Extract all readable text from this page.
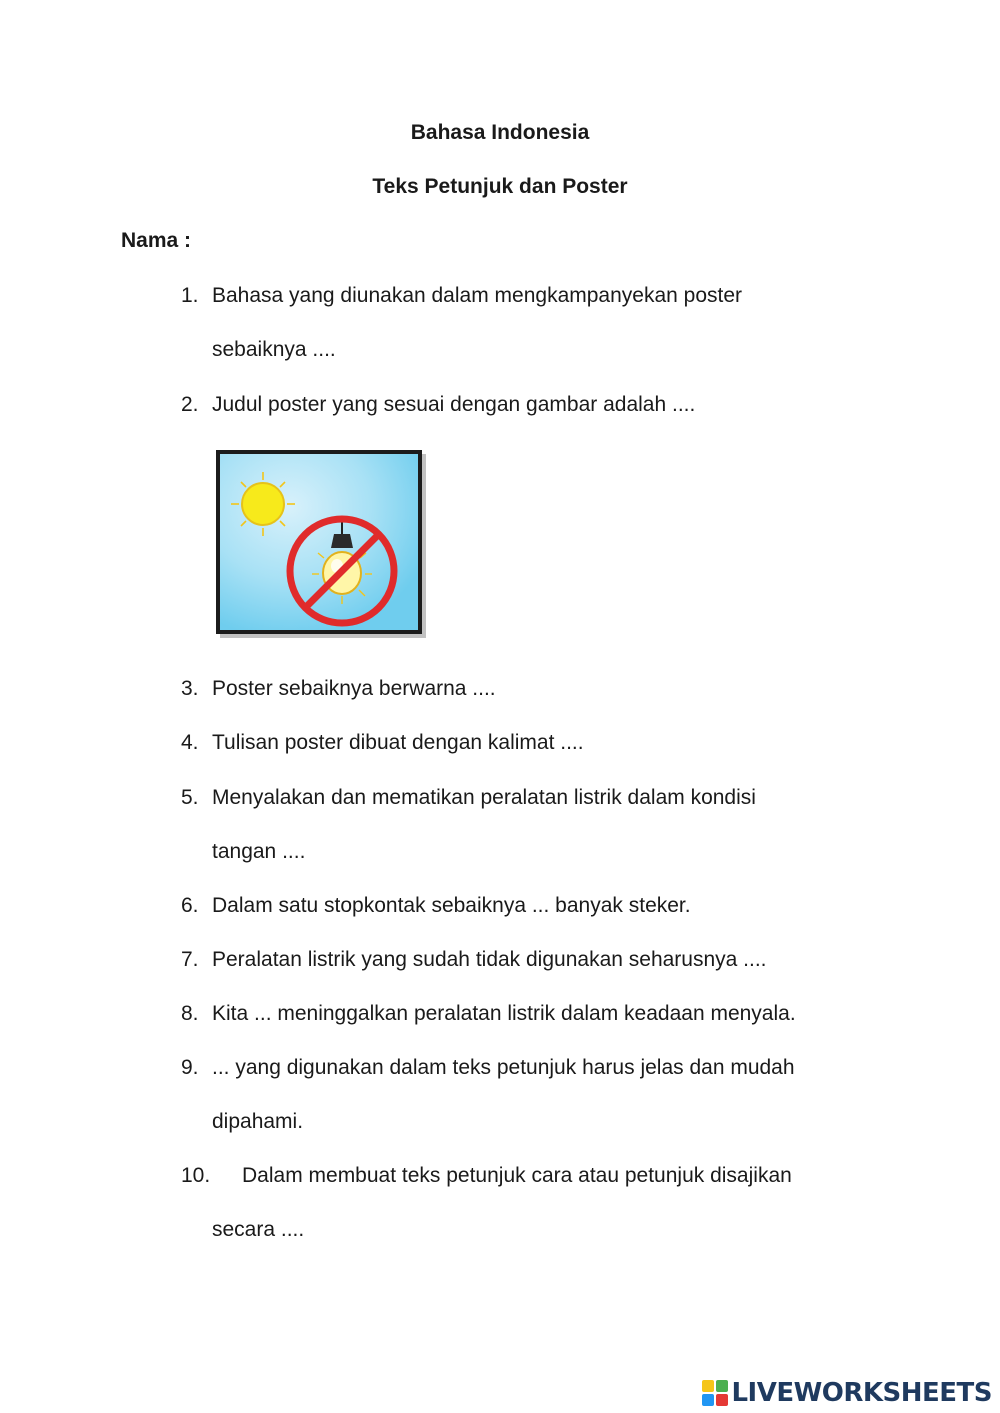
Bahasa Indonesia
Teks Petunjuk dan Poster
Nama :
1. Bahasa yang diunakan dalam mengkampanyekan poster
sebaiknya ....
2. Judul poster yang sesuai dengan gambar adalah ....
3. Poster sebaiknya berwarna ....
4. Tulisan poster dibuat dengan kalimat ....
5. Menyalakan dan mematikan peralatan listrik dalam kondisi
tangan ....
6. Dalam satu stopkontak sebaiknya ... banyak steker.
7. Peralatan listrik yang sudah tidak digunakan seharusnya ....
8. Kita ... meninggalkan peralatan listrik dalam keadaan menyala.
9. ... yang digunakan dalam teks petunjuk harus jelas dan mudah
dipahami.
10. Dalam membuat teks petunjuk cara atau petunjuk disajikan
secara ....
LIVEWORKSHEETS
